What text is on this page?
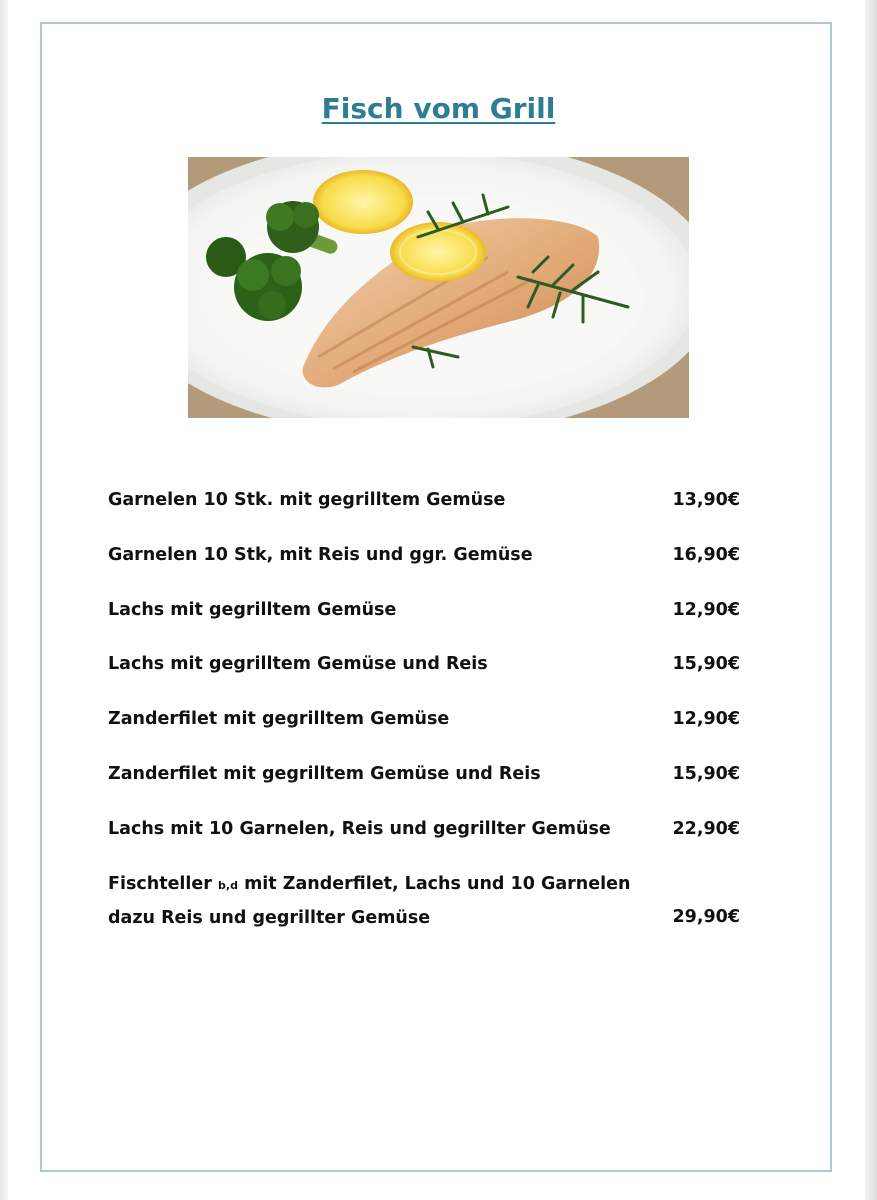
Fisch vom Grill
Garnelen 10 Stk. mit gegrilltem Gemüse	13,90€
Garnelen 10 Stk, mit Reis und ggr. Gemüse	16,90€
Lachs mit gegrilltem Gemüse	12,90€
Lachs mit gegrilltem Gemüse und Reis	15,90€
Zanderfilet mit gegrilltem Gemüse	12,90€
Zanderfilet mit gegrilltem Gemüse und Reis	15,90€
Lachs mit 10 Garnelen, Reis und gegrillter Gemüse	22,90€
Fischteller b,d mit Zanderfilet, Lachs und 10 Garnelen
dazu Reis und gegrillter Gemüse	29,90€
